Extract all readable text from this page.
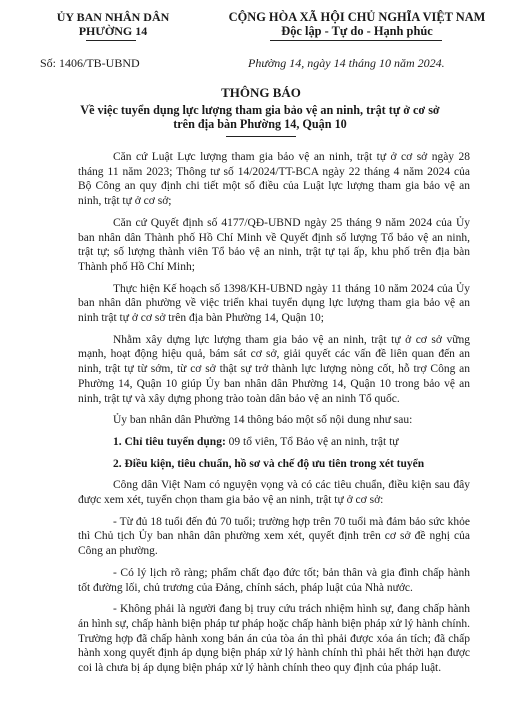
ỦY BAN NHÂN DÂN
PHƯỜNG 14
CỘNG HÒA XÃ HỘI CHỦ NGHĨA VIỆT NAM
Độc lập - Tự do - Hạnh phúc
Số: 1406/TB-UBND	Phường 14, ngày 14 tháng 10 năm 2024.
THÔNG BÁO
Về việc tuyển dụng lực lượng tham gia bảo vệ an ninh, trật tự ở cơ sở
trên địa bàn Phường 14, Quận 10

Căn cứ Luật Lực lượng tham gia bảo vệ an ninh, trật tự ở cơ sở ngày 28 tháng 11 năm 2023; Thông tư số 14/2024/TT-BCA ngày 22 tháng 4 năm 2024 của Bộ Công an quy định chi tiết một số điều của Luật lực lượng tham gia bảo vệ an ninh, trật tự ở cơ sở;

Căn cứ Quyết định số 4177/QĐ-UBND ngày 25 tháng 9 năm 2024 của Ủy ban nhân dân Thành phố Hồ Chí Minh về Quyết định số lượng Tổ bảo vệ an ninh, trật tự; số lượng thành viên Tổ bảo vệ an ninh, trật tự tại ấp, khu phố trên địa bàn Thành phố Hồ Chí Minh;

Thực hiện Kế hoạch số 1398/KH-UBND ngày 11 tháng 10 năm 2024 của Ủy ban nhân dân phường về việc triển khai tuyển dụng lực lượng tham gia bảo vệ an ninh trật tự ở cơ sở trên địa bàn Phường 14, Quận 10;

Nhằm xây dựng lực lượng tham gia bảo vệ an ninh, trật tự ở cơ sở vững mạnh, hoạt động hiệu quả, bám sát cơ sở, giải quyết các vấn đề liên quan đến an ninh, trật tự từ sớm, từ cơ sở thật sự trở thành lực lượng nòng cốt, hỗ trợ Công an Phường 14, Quận 10 giúp Ủy ban nhân dân Phường 14, Quận 10 trong bảo vệ an ninh, trật tự và xây dựng phong trào toàn dân bảo vệ an ninh Tổ quốc.

Ủy ban nhân dân Phường 14 thông báo một số nội dung như sau:

1. Chỉ tiêu tuyển dụng: 09 tổ viên, Tổ Bảo vệ an ninh, trật tự

2. Điều kiện, tiêu chuẩn, hồ sơ và chế độ ưu tiên trong xét tuyển

Công dân Việt Nam có nguyện vọng và có các tiêu chuẩn, điều kiện sau đây được xem xét, tuyển chọn tham gia bảo vệ an ninh, trật tự ở cơ sở:

- Từ đủ 18 tuổi đến đủ 70 tuổi; trường hợp trên 70 tuổi mà đảm bảo sức khỏe thì Chủ tịch Ủy ban nhân dân phường xem xét, quyết định trên cơ sở đề nghị của Công an phường.

- Có lý lịch rõ ràng; phẩm chất đạo đức tốt; bản thân và gia đình chấp hành tốt đường lối, chủ trương của Đảng, chính sách, pháp luật của Nhà nước.

- Không phải là người đang bị truy cứu trách nhiệm hình sự, đang chấp hành án hình sự, chấp hành biện pháp tư pháp hoặc chấp hành biện pháp xử lý hành chính. Trường hợp đã chấp hành xong bản án của tòa án thì phải được xóa án tích; đã chấp hành xong quyết định áp dụng biện pháp xử lý hành chính thì phải hết thời hạn được coi là chưa bị áp dụng biện pháp xử lý hành chính theo quy định của pháp luật.
